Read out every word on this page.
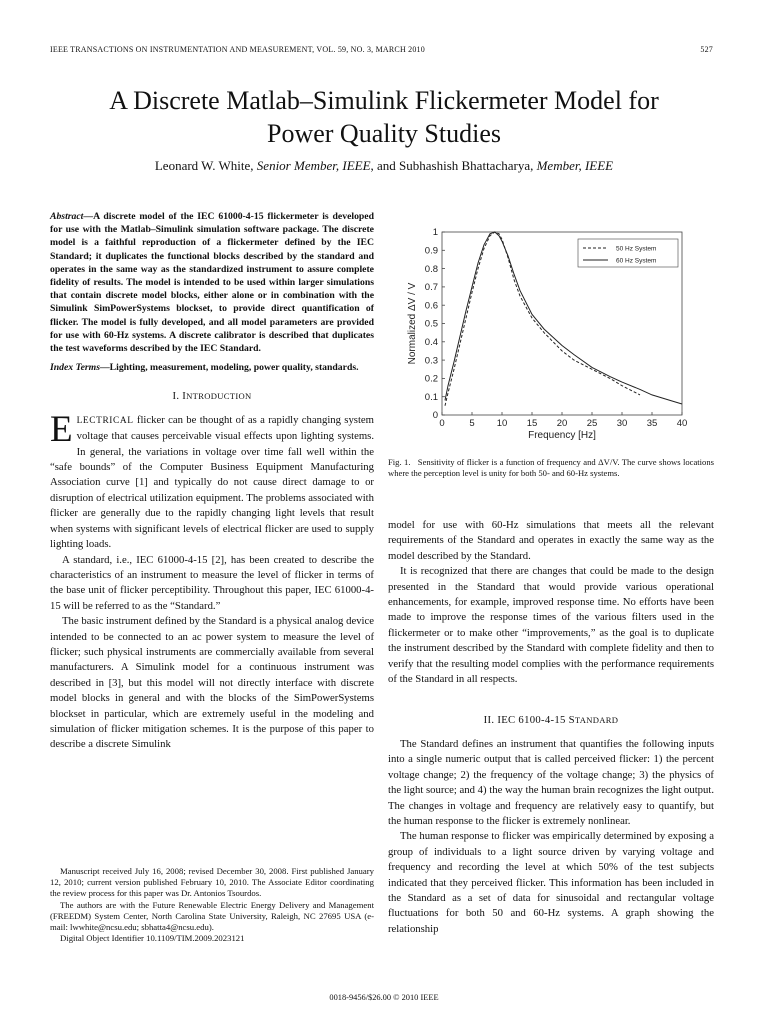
IEEE TRANSACTIONS ON INSTRUMENTATION AND MEASUREMENT, VOL. 59, NO. 3, MARCH 2010	527
A Discrete Matlab–Simulink Flickermeter Model for
Power Quality Studies
Leonard W. White, Senior Member, IEEE, and Subhashish Bhattacharya, Member, IEEE

Abstract—A discrete model of the IEC 61000-4-15 flickermeter is developed for use with the Matlab–Simulink simulation software package. The discrete model is a faithful reproduction of a flickermeter defined by the IEC Standard; it duplicates the functional blocks described by the standard and operates in the same way as the standardized instrument to assure complete fidelity of results. The model is intended to be used within larger simulations that contain discrete model blocks, either alone or in combination with the Simulink SimPowerSystems blockset, to provide direct quantification of flicker. The model is fully developed, and all model parameters are provided for use with 60-Hz systems. A discrete calibrator is described that duplicates the test waveforms described by the IEC Standard.

Index Terms—Lighting, measurement, modeling, power quality, standards.

I. INTRODUCTION

ELECTRICAL flicker can be thought of as a rapidly changing system voltage that causes perceivable visual effects upon lighting systems. In general, the variations in voltage over time fall well within the “safe bounds” of the Computer Business Equipment Manufacturing Association curve [1] and typically do not cause direct damage to or disruption of electrical utilization equipment. The problems associated with flicker are generally due to the rapidly changing light levels that result when systems with significant levels of electrical flicker are used to supply lighting loads.

A standard, i.e., IEC 61000-4-15 [2], has been created to describe the characteristics of an instrument to measure the level of flicker in terms of the base unit of flicker perceptibility. Throughout this paper, IEC 61000-4-15 will be referred to as the “Standard.”

The basic instrument defined by the Standard is a physical analog device intended to be connected to an ac power system to measure the level of flicker; such physical instruments are commercially available from several manufacturers. A Simulink model for a continuous instrument was described in [3], but this model will not directly interface with discrete model blocks in general and with the blocks of the SimPowerSystems blockset in particular, which are extremely useful in the modeling and simulation of flicker mitigation schemes. It is the purpose of this paper to describe a discrete Simulink

Manuscript received July 16, 2008; revised December 30, 2008. First published January 12, 2010; current version published February 10, 2010. The Associate Editor coordinating the review process for this paper was Dr. Antonios Tsourdos.

The authors are with the Future Renewable Electric Energy Delivery and Management (FREEDM) System Center, North Carolina State University, Raleigh, NC 27695 USA (e-mail: lwwhite@ncsu.edu; sbhatta4@ncsu.edu).

Digital Object Identifier 10.1109/TIM.2009.2023121

0	5 10 15 20 25 30 35 40
0
0.1
0.2
0.3
0.4
0.5
0.6
0.7
0.8
0.9
1
Frequency [Hz]
Normalized ΔV / V
50 Hz System
60 Hz System
Fig. 1. Sensitivity of flicker is a function of frequency and ΔV/V. The curve shows locations where the perception level is unity for both 50- and 60-Hz systems.

model for use with 60-Hz simulations that meets all the relevant requirements of the Standard and operates in exactly the same way as the model described by the Standard.

It is recognized that there are changes that could be made to the design presented in the Standard that would provide various operational enhancements, for example, improved response time. No efforts have been made to improve the response times of the various filters used in the flickermeter or to make other “improvements,” as the goal is to duplicate the instrument described by the Standard with complete fidelity and then to verify that the resulting model complies with the performance requirements of the Standard in all respects.

II. IEC 6100-4-15 STANDARD

The Standard defines an instrument that quantifies the following inputs into a single numeric output that is called perceived flicker: 1) the percent voltage change; 2) the frequency of the voltage change; 3) the physics of the light source; and 4) the way the human brain recognizes the light output. The changes in voltage and frequency are relatively easy to quantify, but the human response to the flicker is extremely nonlinear.

The human response to flicker was empirically determined by exposing a group of individuals to a light source driven by varying voltage and frequency and recording the level at which 50% of the test subjects indicated that they perceived flicker. This information has been included in the Standard as a set of data for sinusoidal and rectangular voltage fluctuations for both 50 and 60-Hz systems. A graph showing the relationship

0018-9456/$26.00 © 2010 IEEE
